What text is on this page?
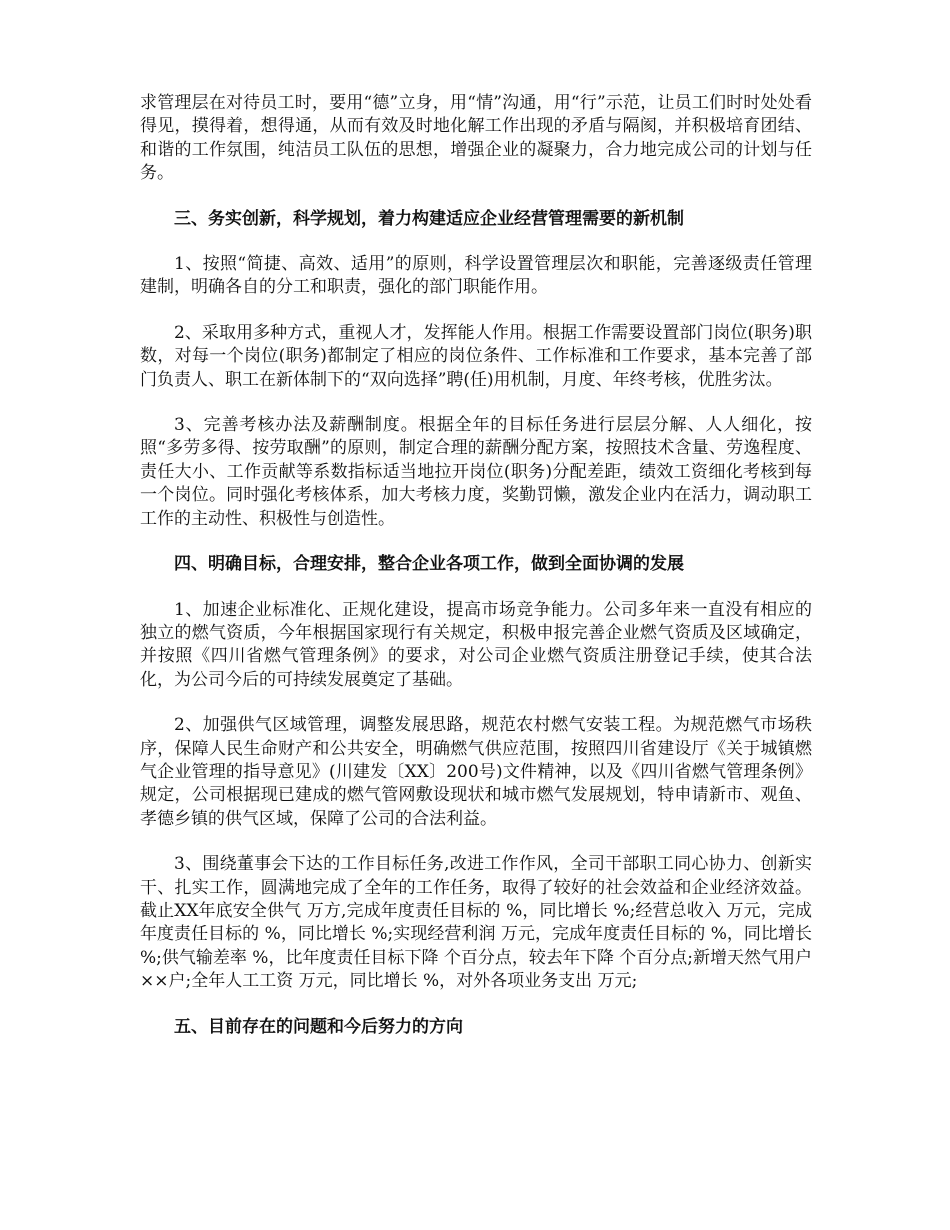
求管理层在对待员工时，要用“德”立身，用“情”沟通，用“行”示范，让员工们时时处处看得见，摸得着，想得通，从而有效及时地化解工作出现的矛盾与隔阂，并积极培育团结、和谐的工作氛围，纯洁员工队伍的思想，增强企业的凝聚力，合力地完成公司的计划与任务。

三、务实创新，科学规划，着力构建适应企业经营管理需要的新机制

1、按照“简捷、高效、适用”的原则，科学设置管理层次和职能，完善逐级责任管理建制，明确各自的分工和职责，强化的部门职能作用。

2、采取用多种方式，重视人才，发挥能人作用。根据工作需要设置部门岗位(职务)职数，对每一个岗位(职务)都制定了相应的岗位条件、工作标准和工作要求，基本完善了部门负责人、职工在新体制下的“双向选择”聘(任)用机制，月度、年终考核，优胜劣汰。

3、完善考核办法及薪酬制度。根据全年的目标任务进行层层分解、人人细化，按照“多劳多得、按劳取酬”的原则，制定合理的薪酬分配方案，按照技术含量、劳逸程度、责任大小、工作贡献等系数指标适当地拉开岗位(职务)分配差距，绩效工资细化考核到每一个岗位。同时强化考核体系，加大考核力度，奖勤罚懒，激发企业内在活力，调动职工工作的主动性、积极性与创造性。

四、明确目标，合理安排，整合企业各项工作，做到全面协调的发展

1、加速企业标准化、正规化建设，提高市场竞争能力。公司多年来一直没有相应的独立的燃气资质，今年根据国家现行有关规定，积极申报完善企业燃气资质及区域确定，并按照《四川省燃气管理条例》的要求，对公司企业燃气资质注册登记手续，使其合法化，为公司今后的可持续发展奠定了基础。

2、加强供气区域管理，调整发展思路，规范农村燃气安装工程。为规范燃气市场秩序，保障人民生命财产和公共安全，明确燃气供应范围，按照四川省建设厅《关于城镇燃气企业管理的指导意见》(川建发〔XX〕200号)文件精神，以及《四川省燃气管理条例》规定，公司根据现已建成的燃气管网敷设现状和城市燃气发展规划，特申请新市、观鱼、孝德乡镇的供气区域，保障了公司的合法利益。

3、围绕董事会下达的工作目标任务,改进工作作风，全司干部职工同心协力、创新实干、扎实工作，圆满地完成了全年的工作任务，取得了较好的社会效益和企业经济效益。截止XX年底安全供气 万方,完成年度责任目标的 %，同比增长 %;经营总收入 万元，完成年度责任目标的 %，同比增长 %;实现经营利润 万元，完成年度责任目标的 %，同比增长 %;供气输差率 %，比年度责任目标下降 个百分点，较去年下降 个百分点;新增天然气用户××户;全年人工工资 万元，同比增长 %，对外各项业务支出 万元;

五、目前存在的问题和今后努力的方向
